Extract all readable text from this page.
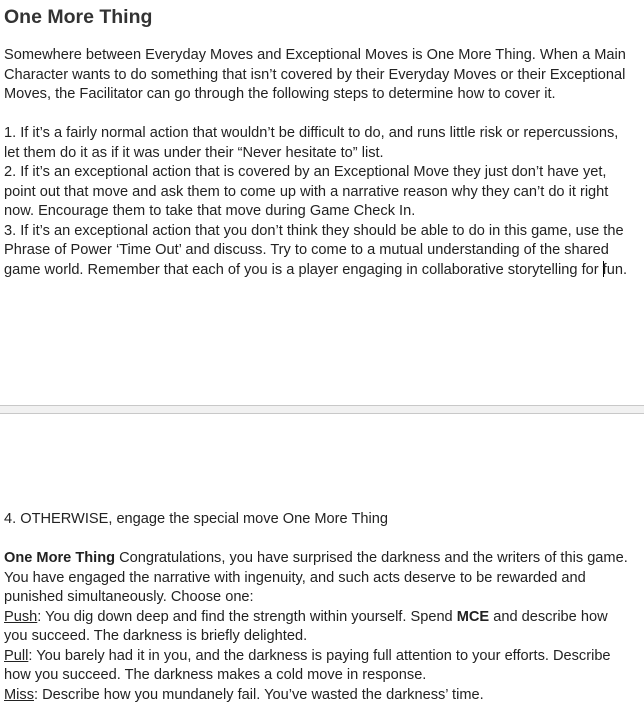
One More Thing

Somewhere between Everyday Moves and Exceptional Moves is One More Thing. When a Main Character wants to do something that isn’t covered by their Everyday Moves or their Exceptional Moves, the Facilitator can go through the following steps to determine how to cover it.

1. If it’s a fairly normal action that wouldn’t be difficult to do, and runs little risk or repercussions, let them do it as if it was under their “Never hesitate to” list.

2. If it’s an exceptional action that is covered by an Exceptional Move they just don’t have yet, point out that move and ask them to come up with a narrative reason why they can’t do it right now. Encourage them to take that move during Game Check In.

3. If it’s an exceptional action that you don’t think they should be able to do in this game, use the Phrase of Power ‘Time Out’ and discuss. Try to come to a mutual understanding of the shared game world. Remember that each of you is a player engaging in collaborative storytelling for fun.

4. OTHERWISE, engage the special move One More Thing

One More Thing Congratulations, you have surprised the darkness and the writers of this game. You have engaged the narrative with ingenuity, and such acts deserve to be rewarded and punished simultaneously. Choose one:

Push: You dig down deep and find the strength within yourself. Spend MCE and describe how you succeed. The darkness is briefly delighted.

Pull: You barely had it in you, and the darkness is paying full attention to your efforts. Describe how you succeed. The darkness makes a cold move in response.

Miss: Describe how you mundanely fail. You’ve wasted the darkness’ time.
